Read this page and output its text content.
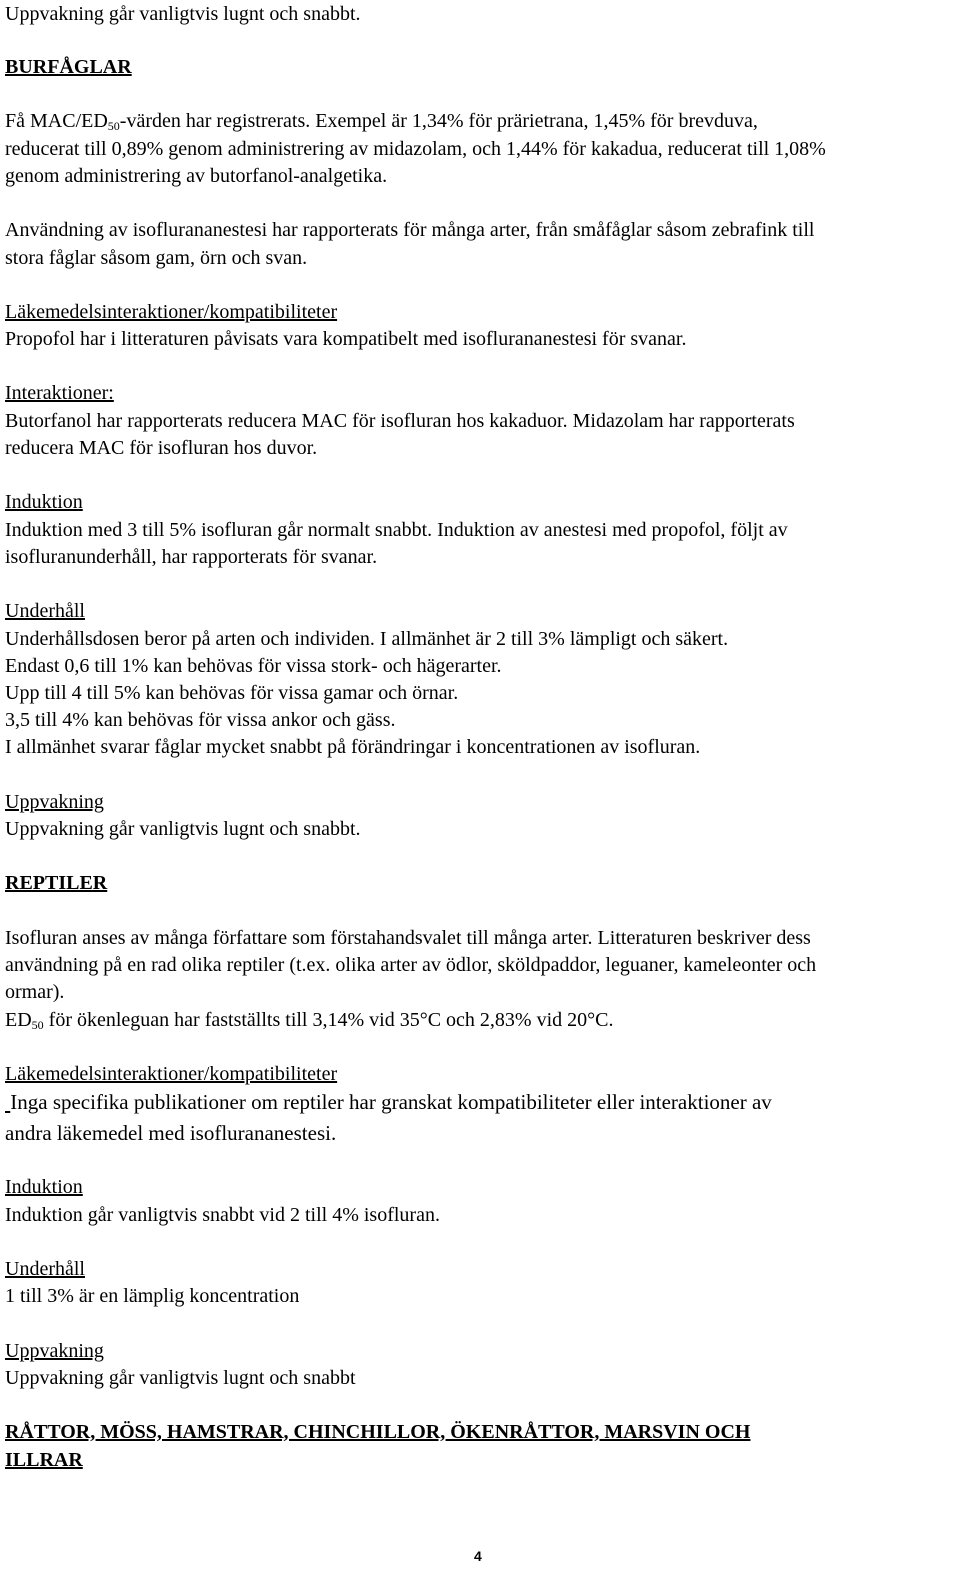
Uppvakning går vanligtvis lugnt och snabbt.
BURFÅGLAR
Få MAC/$ED_{50}$-värden har registrerats. Exempel är 1,34% för prärietrana, 1,45% för brevduva,
reducerat till 0,89% genom administrering av midazolam, och 1,44% för kakadua, reducerat till 1,08%
genom administrering av butorfanol-analgetika.
Användning av isoflurananestesi har rapporterats för många arter, från småfåglar såsom zebrafink till
stora fåglar såsom gam, örn och svan.
Läkemedelsinteraktioner/kompatibiliteter
Propofol har i litteraturen påvisats vara kompatibelt med isoflurananestesi för svanar.
Interaktioner:
Butorfanol har rapporterats reducera MAC för isofluran hos kakaduor. Midazolam har rapporterats
reducera MAC för isofluran hos duvor.
Induktion
Induktion med 3 till 5% isofluran går normalt snabbt. Induktion av anestesi med propofol, följt av
isofluranunderhåll, har rapporterats för svanar.
Underhåll
Underhållsdosen beror på arten och individen. I allmänhet är 2 till 3% lämpligt och säkert.
Endast 0,6 till 1% kan behövas för vissa stork- och hägerarter.
Upp till 4 till 5% kan behövas för vissa gamar och örnar.
3,5 till 4% kan behövas för vissa ankor och gäss.
I allmänhet svarar fåglar mycket snabbt på förändringar i koncentrationen av isofluran.
Uppvakning
Uppvakning går vanligtvis lugnt och snabbt.
REPTILER
Isofluran anses av många författare som förstahandsvalet till många arter. Litteraturen beskriver dess
användning på en rad olika reptiler (t.ex. olika arter av ödlor, sköldpaddor, leguaner, kameleonter och
ormar).
$ED_{50}$ för ökenleguan har fastställts till 3,14% vid 35°C och 2,83% vid 20°C.
Läkemedelsinteraktioner/kompatibiliteter
Inga specifika publikationer om reptiler har granskat kompatibiliteter eller interaktioner av
andra läkemedel med isoflurananestesi.
Induktion
Induktion går vanligtvis snabbt vid 2 till 4% isofluran.
Underhåll
1 till 3% är en lämplig koncentration
Uppvakning
Uppvakning går vanligtvis lugnt och snabbt
RÅTTOR, MÖSS, HAMSTRAR, CHINCHILLOR, ÖKENRÅTTOR, MARSVIN OCH
ILLRAR
4
